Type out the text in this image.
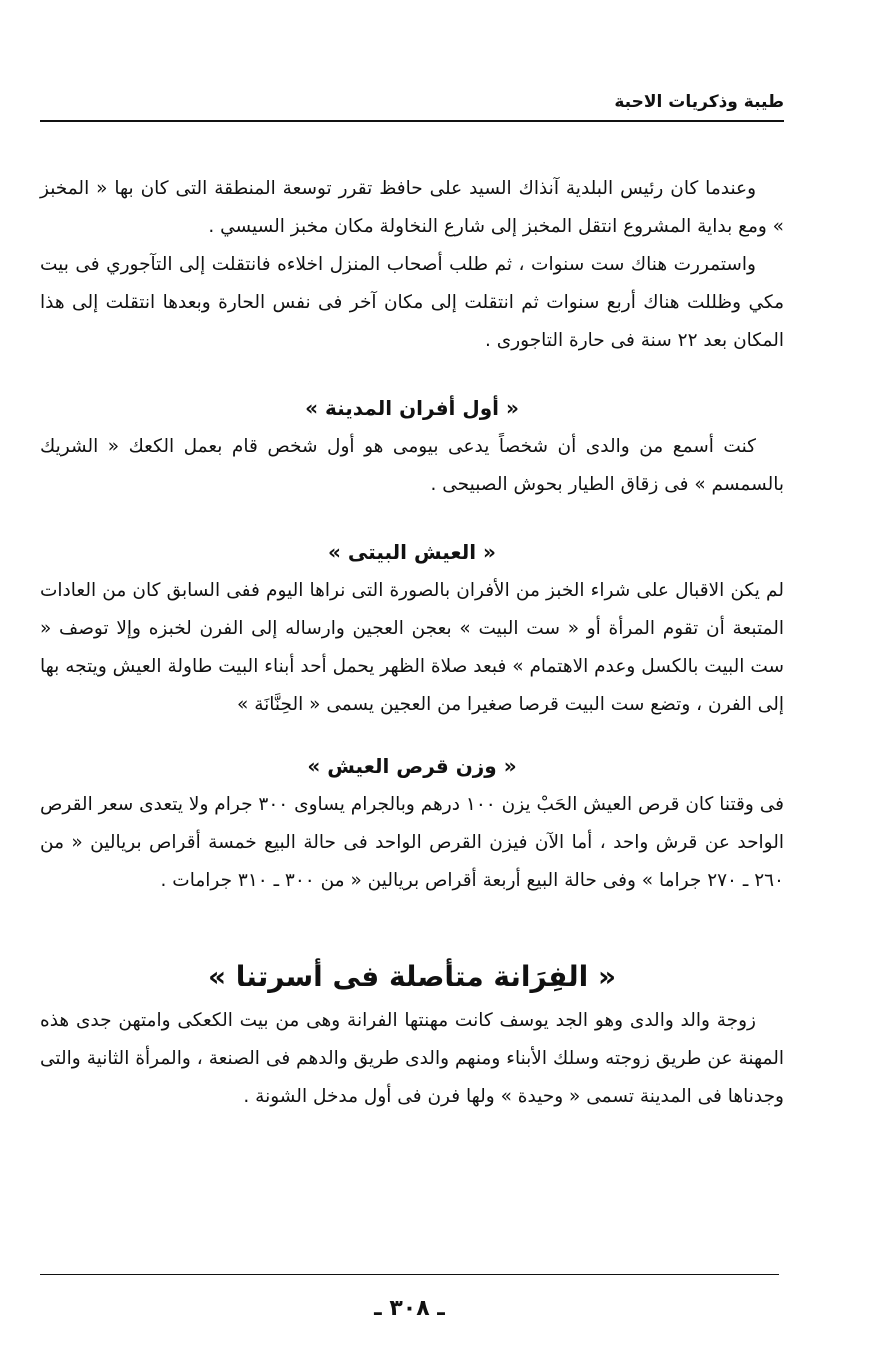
طيبة وذكريات الاحبة

وعندما كان رئيس البلدية آنذاك السيد على حافظ تقرر توسعة المنطقة التى كان بها « المخبز » ومع بداية المشروع انتقل المخبز إلى شارع النخاولة مكان مخبز السيسي .

واستمررت هناك ست سنوات ، ثم طلب أصحاب المنزل اخلاءه فانتقلت إلى التآجوري فى بيت مكي وظللت هناك أربع سنوات ثم انتقلت إلى مكان آخر فى نفس الحارة وبعدها انتقلت إلى هذا المكان بعد ٢٢ سنة فى حارة التاجورى .

« أول أفران المدينة »

كنت أسمع من والدى أن شخصاً يدعى بيومى هو أول شخص قام بعمل الكعك « الشريك بالسمسم » فى زقاق الطيار بحوش الصبيحى .

« العيش البيتى »

لم يكن الاقبال على شراء الخبز من الأفران بالصورة التى نراها اليوم ففى السابق كان من العادات المتبعة أن تقوم المرأة أو « ست البيت » بعجن العجين وارساله إلى الفرن لخبزه وإلا توصف « ست البيت بالكسل وعدم الاهتمام » فبعد صلاة الظهر يحمل أحد أبناء البيت طاولة العيش ويتجه بها إلى الفرن ، وتضع ست البيت قرصا صغيرا من العجين يسمى « الحِنَّانَة »

« وزن قرص العيش »

فى وقتنا كان قرص العيش الحَبْ يزن ١٠٠ درهم وبالجرام يساوى ٣٠٠ جرام ولا يتعدى سعر القرص الواحد عن قرش واحد ، أما الآن فيزن القرص الواحد فى حالة البيع خمسة أقراص بريالين « من ٢٦٠ ـ ٢٧٠ جراما » وفى حالة البيع أربعة أقراص بريالين « من ٣٠٠ ـ ٣١٠ جرامات .

« الفِرَانة متأصلة فى أسرتنا »

زوجة والد والدى وهو الجد يوسف كانت مهنتها الفرانة وهى من بيت الكعكى وامتهن جدى هذه المهنة عن طريق زوجته وسلك الأبناء ومنهم والدى طريق والدهم فى الصنعة ، والمرأة الثانية والتى وجدناها فى المدينة تسمى « وحيدة » ولها فرن فى أول مدخل الشونة .

ـ ٣٠٨ ـ
